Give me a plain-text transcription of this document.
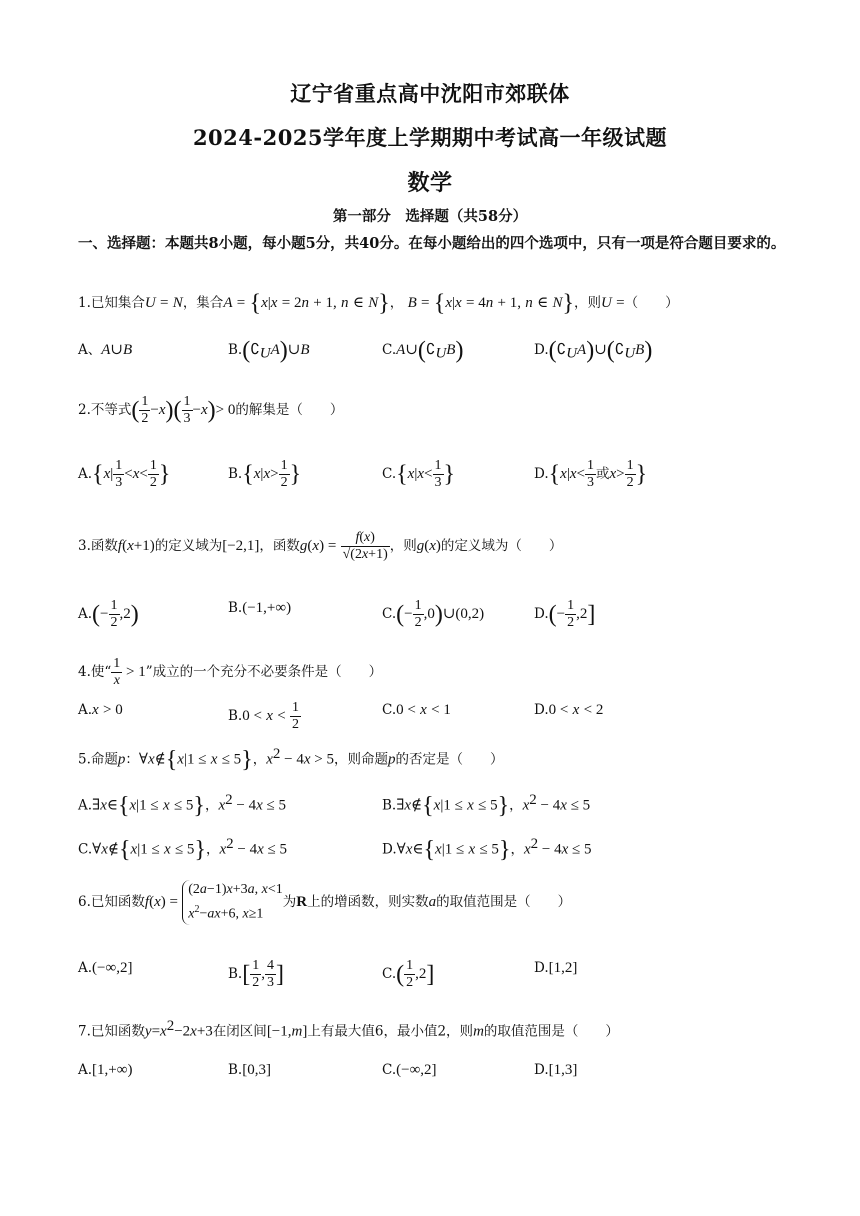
辽宁省重点高中沈阳市郊联体
2024-2025学年度上学期期中考试高一年级试题
数学
第一部分　选择题（共58分）
一、选择题：本题共8小题，每小题5分，共40分。在每小题给出的四个选项中，只有一项是符合题目要求的。
1.已知集合U = N，集合A = {x|x = 2n + 1, n ∈ N}， B = {x|x = 4n + 1, n ∈ N}，则U =（　　）
A、A∪B	$B.(∁_UA)\cup B$	$C.A\cup(∁_UB)$	$D.(∁_UA)\cup(∁_UB)$
2.不等式( $\frac{1}{2} -x)( \frac{1}{3} -x)> 0$的解集是（　　）
$A.\{x| \frac{1}{3} <x< \frac{1}{2}$ }	$B.\{x|x> \frac{1}{2}$ }	$C.\{x|x< \frac{1}{3}$ }	$D.\{x|x< \frac{1}{3}$ 或$x> \frac{1}{2}$ }
3.函数f(x+1)的定义域为[−2,1]，函数$g(x) = \frac{f(x)}{√(2x+1)}$ ，则g(x)的定义域为（　　）
$A.(- \frac{1}{2} ,2)$	B.(−1,+∞)	$C.(- \frac{1}{2}$ ,0)∪(0,2)	$D.(- \frac{1}{2} ,2]$
4.使“ $\frac{1}{x} > 1$”成立的一个充分不必要条件是（　　）
A.x > 0	$B.0 < x < \frac{1}{2}$	C.0 < x < 1	D.0 < x < 2
5.命题p：∀x∉{x|1 ≤ x ≤ 5}，$x^2 - 4x > 5$，则命题p的否定是（　　）
A.∃x∈{x|1 ≤ x ≤ 5}，$x^2 - 4x \le 5$	B.∃x∉{x|1 ≤ x ≤ 5}，$x^2 - 4x \le 5$
C.∀x∉{x|1 ≤ x ≤ 5}，$x^2 - 4x \le 5$	D.∀x∈{x|1 ≤ x ≤ 5}，$x^2 - 4x \le 5$
6.已知函数f(x) =
(2a−1)x+3a, x<1
$x^2-ax+6$, x≥1
为R上的增函数，则实数a的取值范围是（　　）
A.(−∞,2]	$B.[ \frac{1}{2}$ , $\frac{4}{3}$ ]	$C.( \frac{1}{2} ,2]$	D.[1,2]
7.已知函数$y=x^2-2x+3$在闭区间[−1,m]上有最大值6，最小值2，则m的取值范围是（　　）
A.[1,+∞)	B.[0,3]	C.(−∞,2]	D.[1,3]
